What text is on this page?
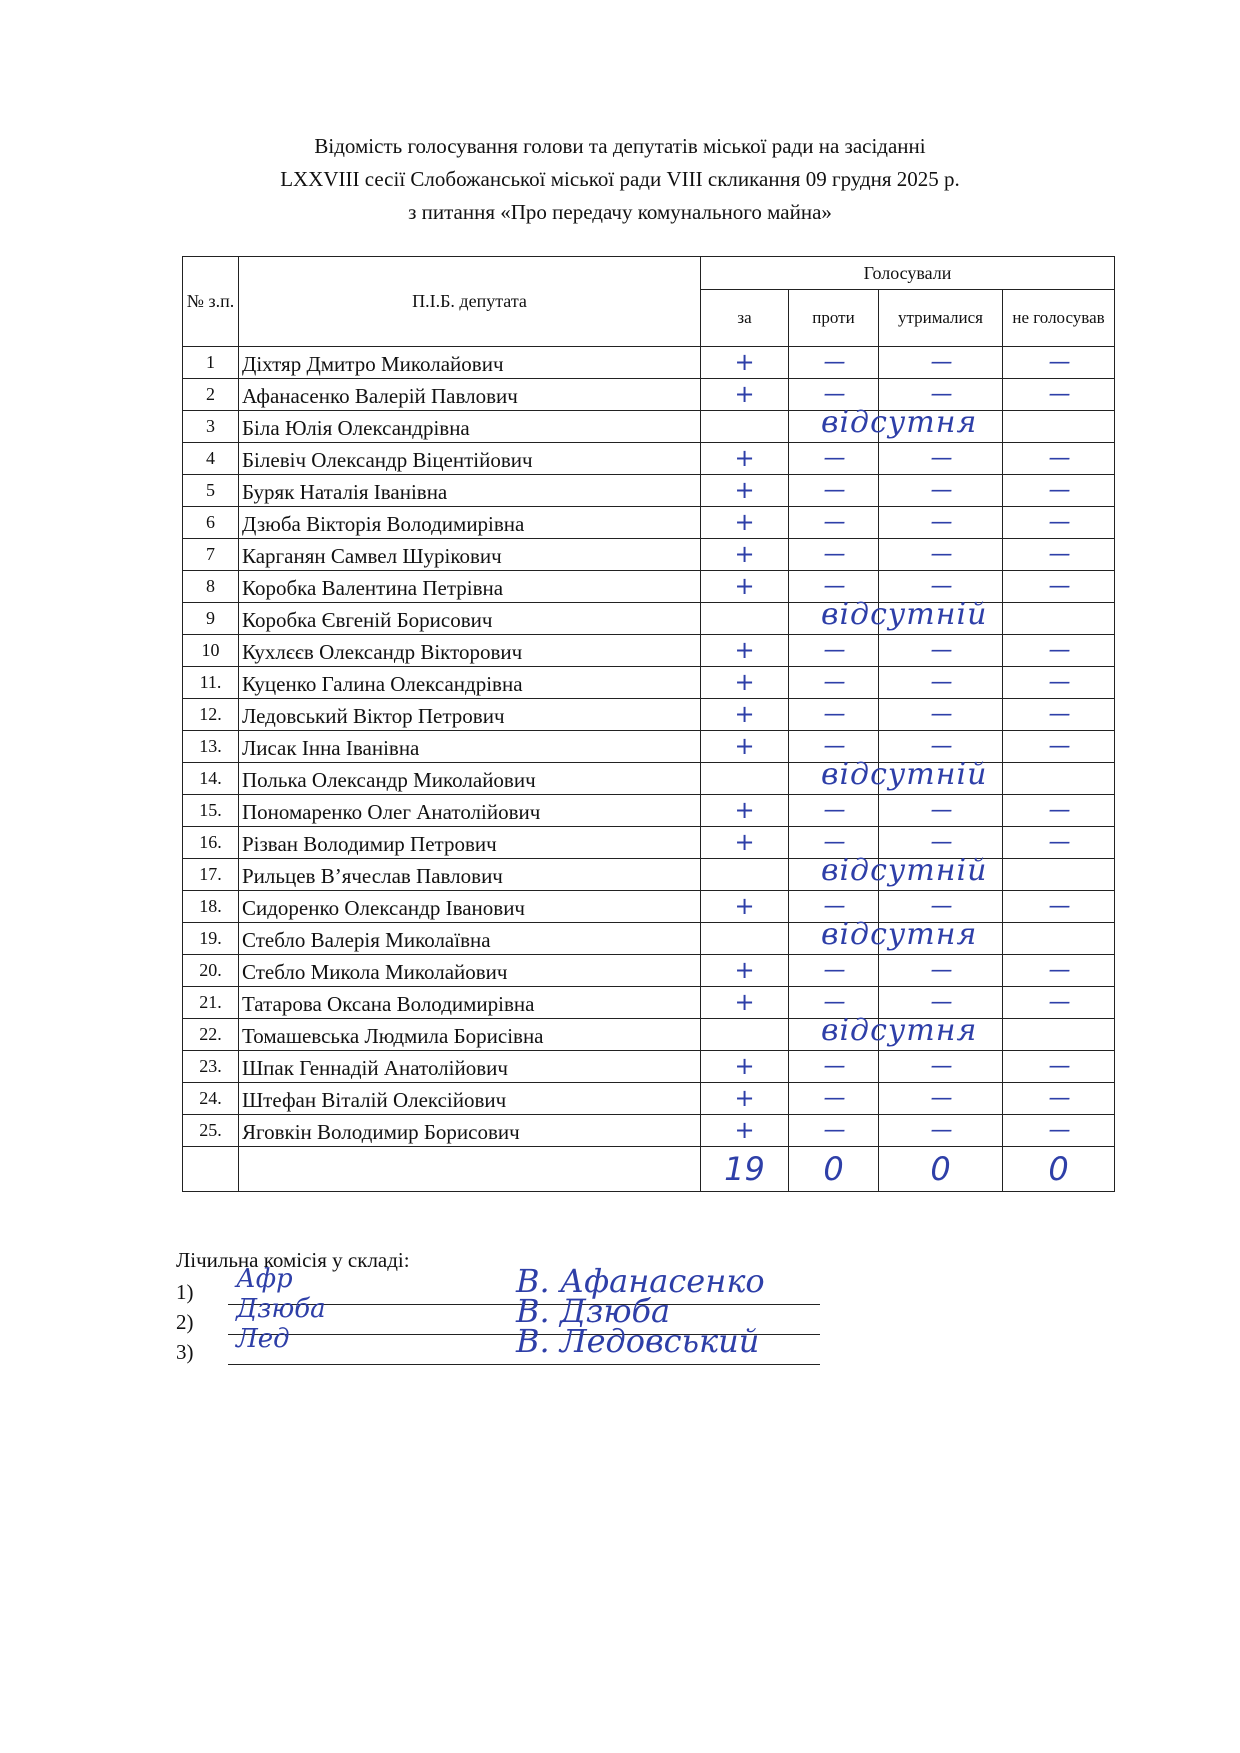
Відомість голосування голови та депутатів міської ради на засіданні
LXXVIII сесії Слобожанської міської ради VIII скликання 09 грудня 2025 р.
з питання «Про передачу комунального майна»
№ з.п.	П.І.Б. депутата	Голосували			
		за	проти	утрималися	не голосував
1	Діхтяр Дмитро Миколайович	+	—	—	—
2	Афанасенко Валерій Павлович	+	—	—	—
3	Біла Юлія Олександрівна	відсутня			

4	Білевіч Олександр Віцентійович	+	—	—	—
5	Буряк Наталія Іванівна	+	—	—	—
6	Дзюба Вікторія Володимирівна	+	—	—	—
7	Карганян Самвел Шурікович	+	—	—	—
8	Коробка Валентина Петрівна	+	—	—	—
9	Коробка Євгеній Борисович	відсутній			

10	Кухлєєв Олександр Вікторович	+	—	—	—
11.	Куценко Галина Олександрівна	+	—	—	—
12.	Ледовський Віктор Петрович	+	—	—	—
13.	Лисак Інна Іванівна	+	—	—	—
14.	Полька Олександр Миколайович	відсутній			

15.	Пономаренко Олег Анатолійович	+	—	—	—
16.	Різван Володимир Петрович	+	—	—	—
17.	Рильцев В’ячеслав Павлович	відсутній			

18.	Сидоренко Олександр Іванович	+	—	—	—
19.	Стебло Валерія Миколаївна	відсутня			

20.	Стебло Микола Миколайович	+	—	—	—
21.	Татарова Оксана Володимирівна	+	—	—	—
22.	Томашевська Людмила Борисівна	відсутня			

23.	Шпак Геннадій Анатолійович	+	—	—	—
24.	Штефан Віталій Олексійович	+	—	—	—
25.	Яговкін Володимир Борисович	+	—	—	—
		19	0	0	0
Лічильна комісія у складі:
1) Афр	В. Афанасенко
2) Дзюба	В. Дзюба
3) Лед	В. Ледовський
